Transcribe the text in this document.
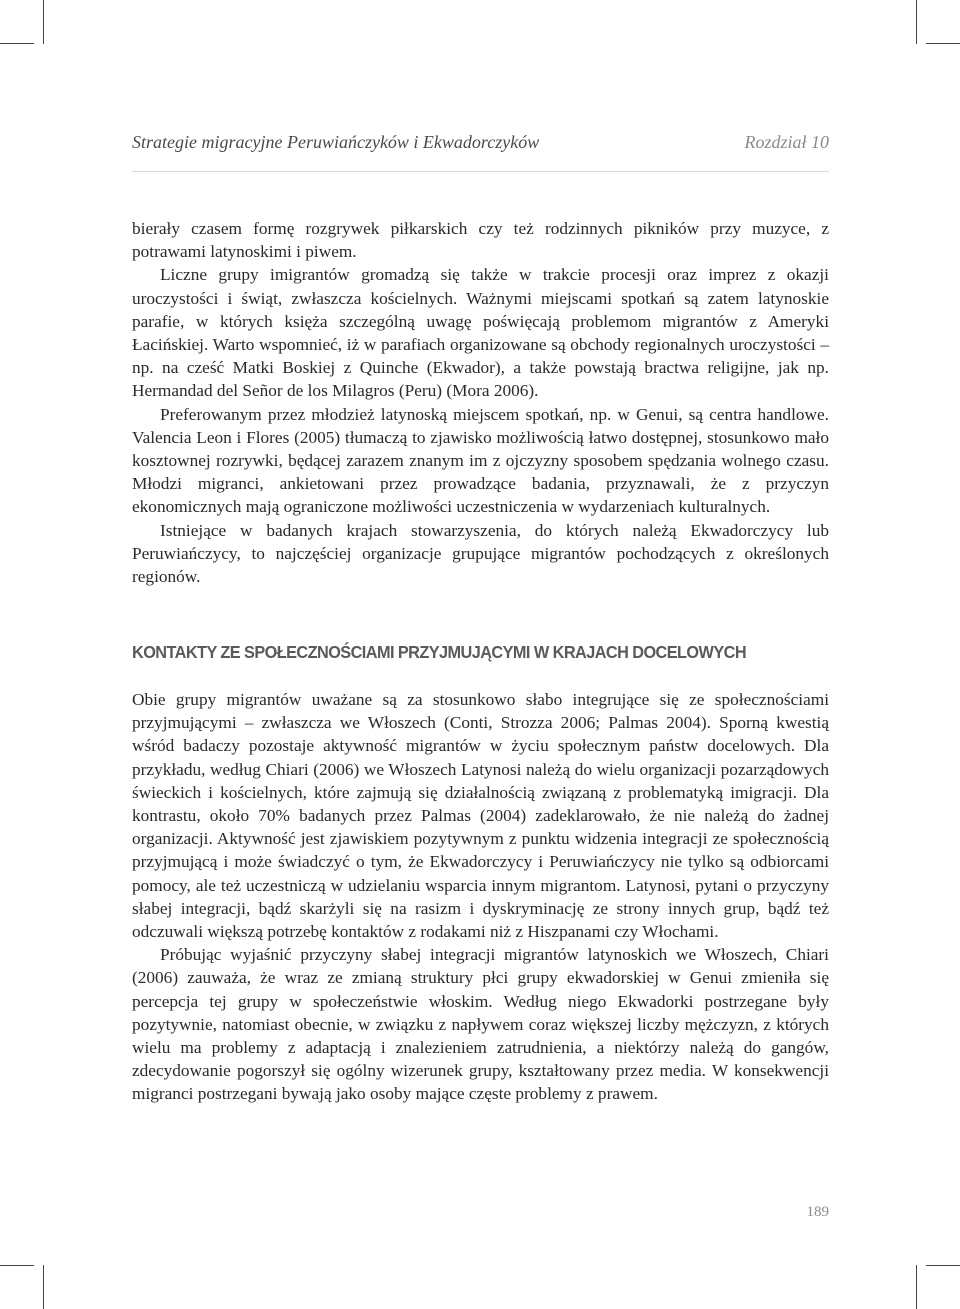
Strategie migracyjne Peruwiańczyków i Ekwadorczyków	Rozdział 10

bierały czasem formę rozgrywek piłkarskich czy też rodzinnych pikników przy muzyce, z potrawami latynoskimi i piwem.

Liczne grupy imigrantów gromadzą się także w trakcie procesji oraz imprez z okazji uroczystości i świąt, zwłaszcza kościelnych. Ważnymi miejscami spotkań są zatem latynoskie parafie, w których księża szczególną uwagę poświęcają problemom migrantów z Ameryki Łacińskiej. Warto wspomnieć, iż w parafiach organizowane są obchody regionalnych uroczystości – np. na cześć Matki Boskiej z Quinche (Ekwador), a także powstają bractwa religijne, jak np. Hermandad del Señor de los Milagros (Peru) (Mora 2006).

Preferowanym przez młodzież latynoską miejscem spotkań, np. w Genui, są centra handlowe. Valencia Leon i Flores (2005) tłumaczą to zjawisko możliwością łatwo dostępnej, stosunkowo mało kosztownej rozrywki, będącej zarazem znanym im z ojczyzny sposobem spędzania wolnego czasu. Młodzi migranci, ankietowani przez prowadzące badania, przyznawali, że z przyczyn ekonomicznych mają ograniczone możliwości uczestniczenia w wydarzeniach kulturalnych.

Istniejące w badanych krajach stowarzyszenia, do których należą Ekwadorczycy lub Peruwiańczycy, to najczęściej organizacje grupujące migrantów pochodzących z określonych regionów.

KONTAKTY ZE SPOŁECZNOŚCIAMI PRZYJMUJĄCYMI W KRAJACH DOCELOWYCH

Obie grupy migrantów uważane są za stosunkowo słabo integrujące się ze społecznościami przyjmującymi – zwłaszcza we Włoszech (Conti, Strozza 2006; Palmas 2004). Sporną kwestią wśród badaczy pozostaje aktywność migrantów w życiu społecznym państw docelowych. Dla przykładu, według Chiari (2006) we Włoszech Latynosi należą do wielu organizacji pozarządowych świeckich i kościelnych, które zajmują się działalnością związaną z problematyką imigracji. Dla kontrastu, około 70% badanych przez Palmas (2004) zadeklarowało, że nie należą do żadnej organizacji. Aktywność jest zjawiskiem pozytywnym z punktu widzenia integracji ze społecznością przyjmującą i może świadczyć o tym, że Ekwadorczycy i Peruwiańczycy nie tylko są odbiorcami pomocy, ale też uczestniczą w udzielaniu wsparcia innym migrantom. Latynosi, pytani o przyczyny słabej integracji, bądź skarżyli się na rasizm i dyskryminację ze strony innych grup, bądź też odczuwali większą potrzebę kontaktów z rodakami niż z Hiszpanami czy Włochami.

Próbując wyjaśnić przyczyny słabej integracji migrantów latynoskich we Włoszech, Chiari (2006) zauważa, że wraz ze zmianą struktury płci grupy ekwadorskiej w Genui zmieniła się percepcja tej grupy w społeczeństwie włoskim. Według niego Ekwadorki postrzegane były pozytywnie, natomiast obecnie, w związku z napływem coraz większej liczby mężczyzn, z których wielu ma problemy z adaptacją i znalezieniem zatrudnienia, a niektórzy należą do gangów, zdecydowanie pogorszył się ogólny wizerunek grupy, kształtowany przez media. W konsekwencji migranci postrzegani bywają jako osoby mające częste problemy z prawem.

189
